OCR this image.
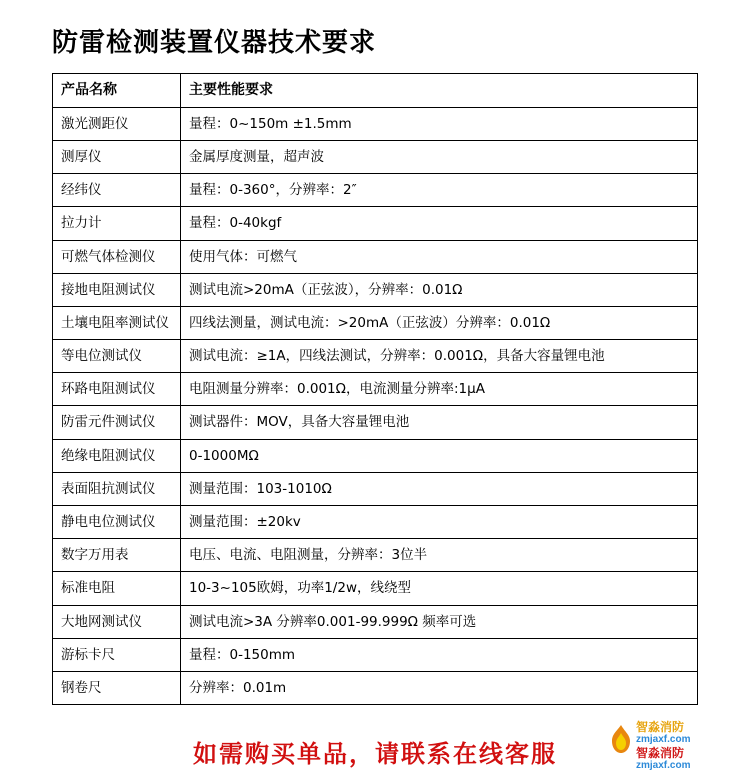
防雷检测装置仪器技术要求
产品名称	主要性能要求
激光测距仪	量程：0~150m ±1.5mm
测厚仪	金属厚度测量，超声波
经纬仪	量程：0-360°，分辨率：2″
拉力计	量程：0-40kgf
可燃气体检测仪	使用气体：可燃气
接地电阻测试仪	测试电流>20mA（正弦波），分辨率：0.01Ω
土壤电阻率测试仪	四线法测量，测试电流：>20mA（正弦波）分辨率：0.01Ω
等电位测试仪	测试电流：≥1A，四线法测试，分辨率：0.001Ω，具备大容量锂电池
环路电阻测试仪	电阻测量分辨率：0.001Ω，电流测量分辨率:1μA
防雷元件测试仪	测试器件：MOV，具备大容量锂电池
绝缘电阻测试仪	0-1000MΩ
表面阻抗测试仪	测量范围：103-1010Ω
静电电位测试仪	测量范围：±20kv
数字万用表	电压、电流、电阻测量，分辨率：3位半
标准电阻	10-3~105欧姆，功率1/2w，线绕型
大地网测试仪	测试电流>3A 分辨率0.001-99.999Ω 频率可选
游标卡尺	量程：0-150mm
钢卷尺	分辨率：0.01m
如需购买单品，请联系在线客服
智淼消防
zmjaxf.com
智淼消防
zmjaxf.com
